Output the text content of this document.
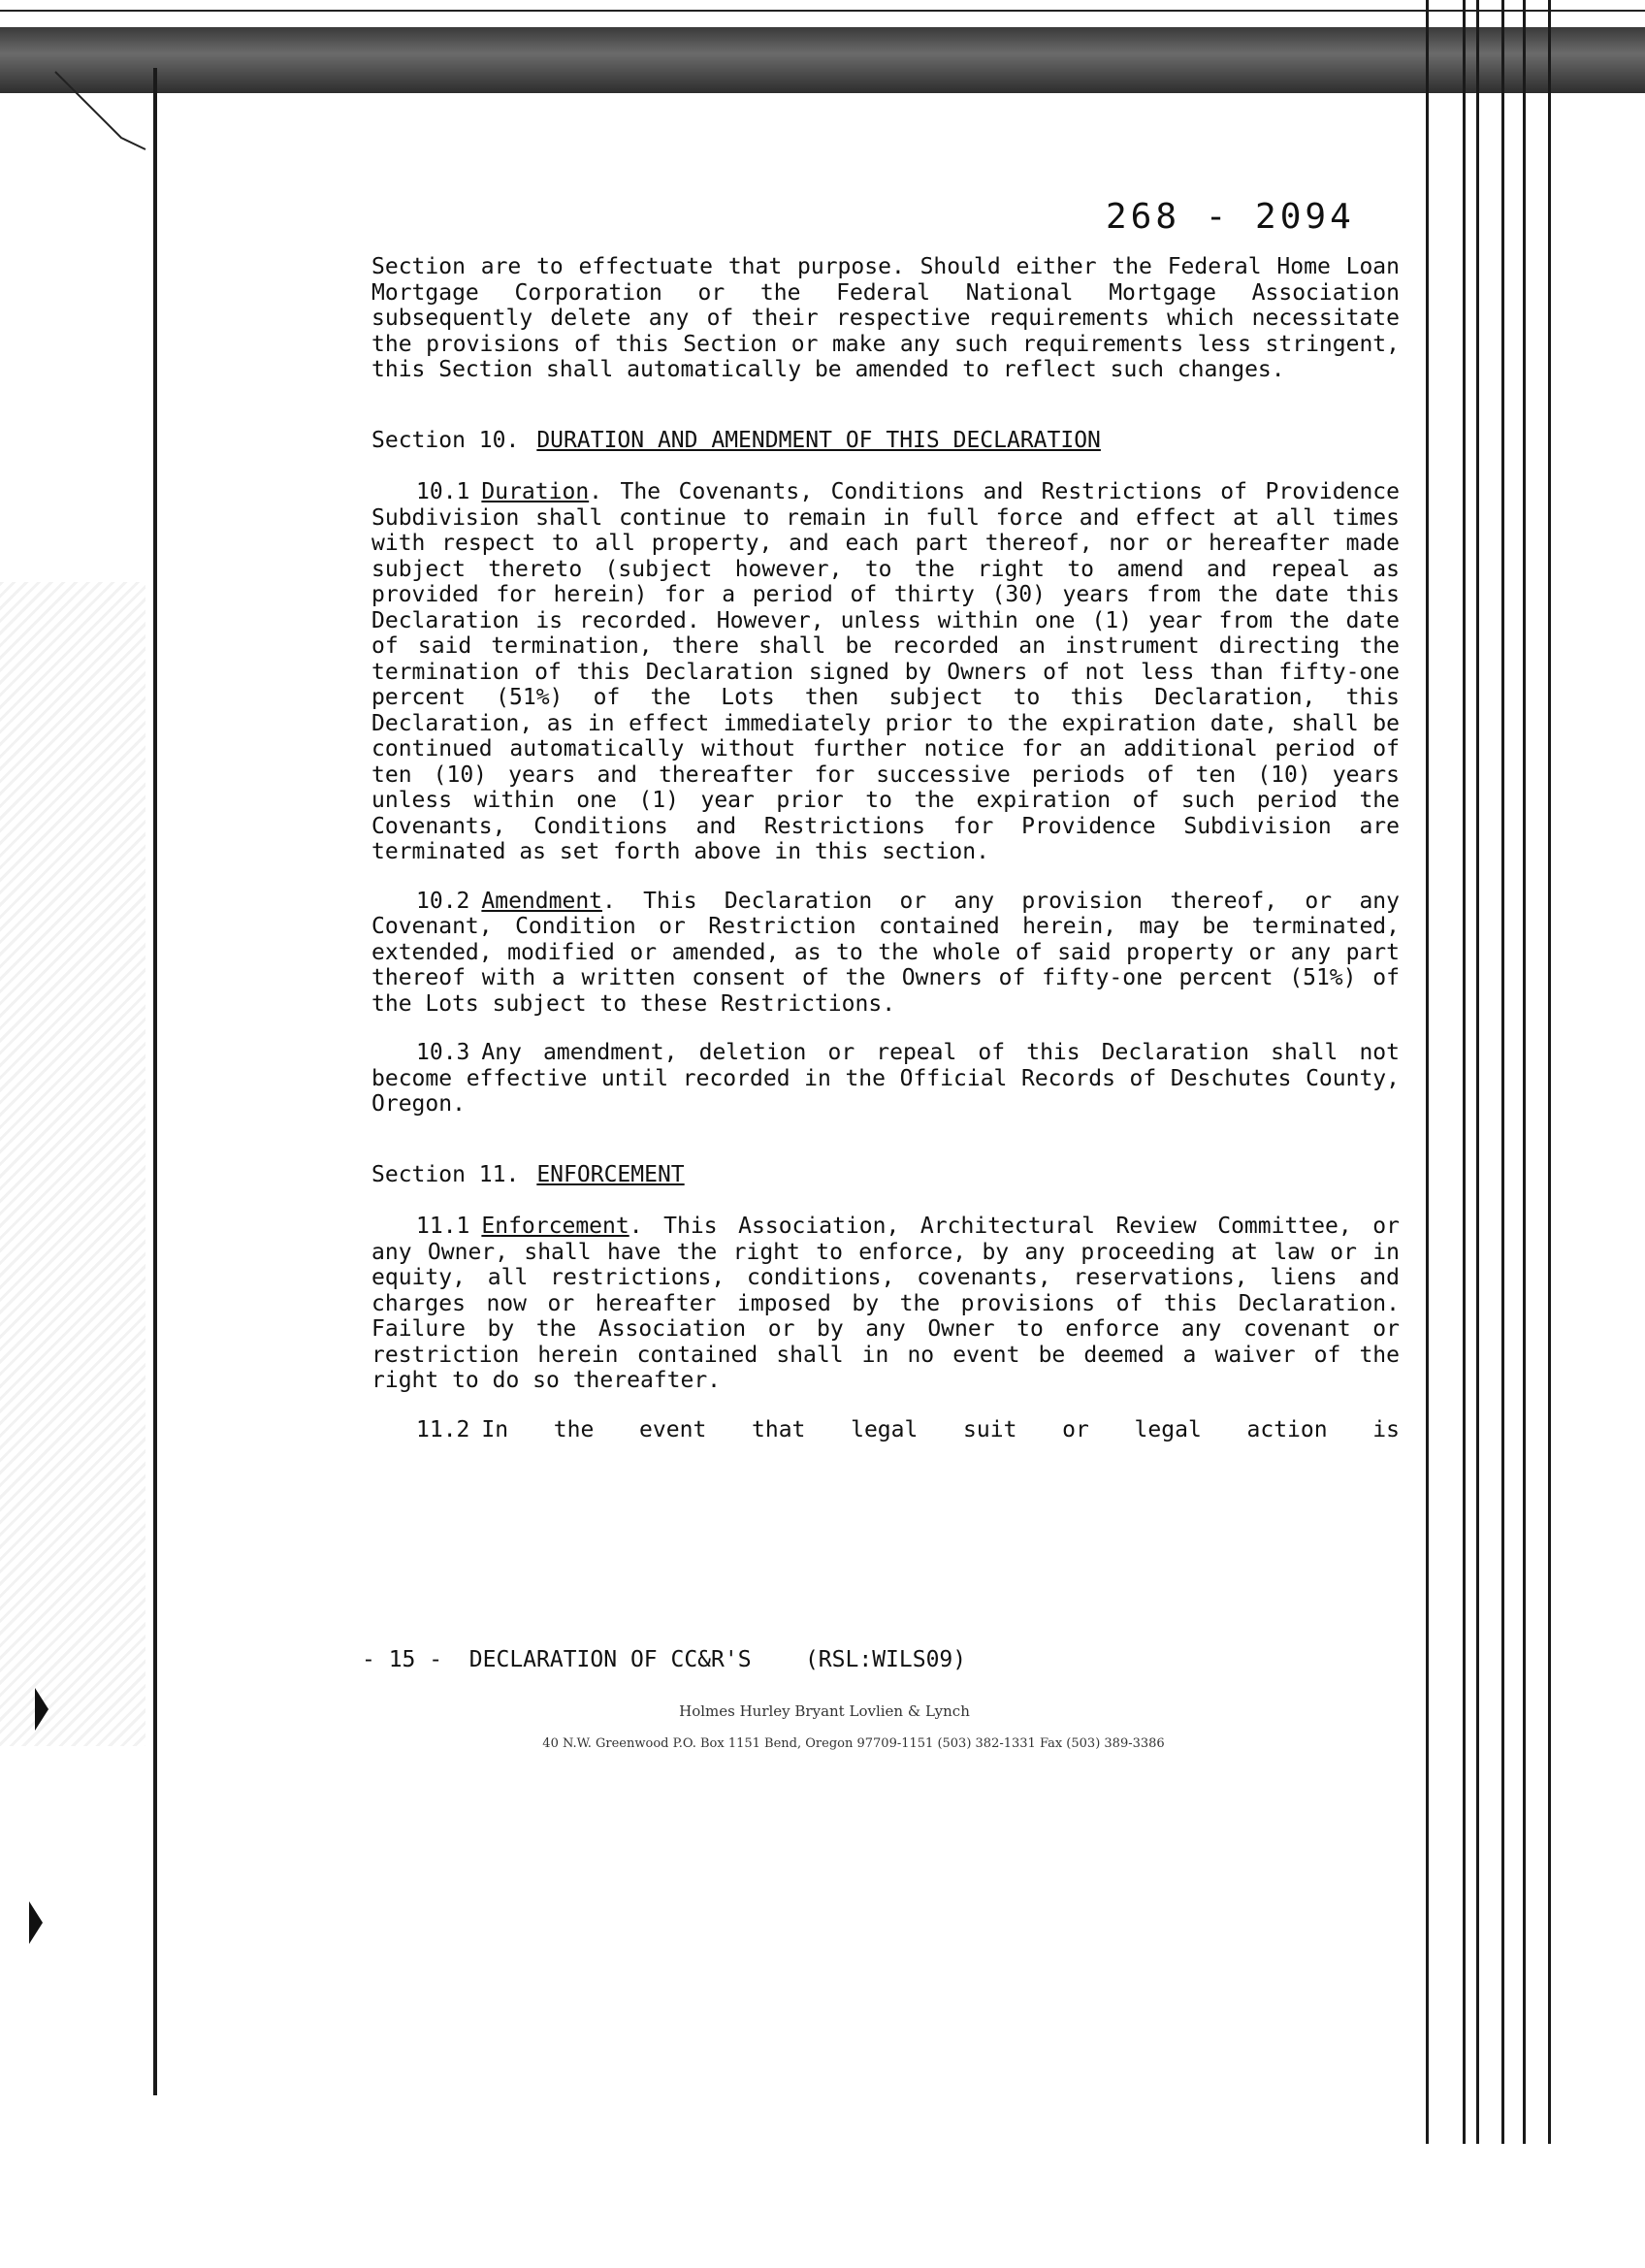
268 - 2094

Section are to effectuate that purpose. Should either the Federal Home Loan Mortgage Corporation or the Federal National Mortgage Association subsequently delete any of their respective requirements which necessitate the provisions of this Section or make any such requirements less stringent, this Section shall automatically be amended to reflect such changes.

Section 10. DURATION AND AMENDMENT OF THIS DECLARATION

10.1 Duration. The Covenants, Conditions and Restrictions of Providence Subdivision shall continue to remain in full force and effect at all times with respect to all property, and each part thereof, nor or hereafter made subject thereto (subject however, to the right to amend and repeal as provided for herein) for a period of thirty (30) years from the date this Declaration is recorded. However, unless within one (1) year from the date of said termination, there shall be recorded an instrument directing the termination of this Declaration signed by Owners of not less than fifty-one percent (51%) of the Lots then subject to this Declaration, this Declaration, as in effect immediately prior to the expiration date, shall be continued automatically without further notice for an additional period of ten (10) years and thereafter for successive periods of ten (10) years unless within one (1) year prior to the expiration of such period the Covenants, Conditions and Restrictions for Providence Subdivision are terminated as set forth above in this section.

10.2 Amendment. This Declaration or any provision thereof, or any Covenant, Condition or Restriction contained herein, may be terminated, extended, modified or amended, as to the whole of said property or any part thereof with a written consent of the Owners of fifty-one percent (51%) of the Lots subject to these Restrictions.

10.3 Any amendment, deletion or repeal of this Declaration shall not become effective until recorded in the Official Records of Deschutes County, Oregon.

Section 11. ENFORCEMENT

11.1 Enforcement. This Association, Architectural Review Committee, or any Owner, shall have the right to enforce, by any proceeding at law or in equity, all restrictions, conditions, covenants, reservations, liens and charges now or hereafter imposed by the provisions of this Declaration. Failure by the Association or by any Owner to enforce any covenant or restriction herein contained shall in no event be deemed a waiver of the right to do so thereafter.

11.2 In the event that legal suit or legal action is

- 15 -  DECLARATION OF CC&R'S    (RSL:WILS09)
Holmes Hurley Bryant Lovlien & Lynch
40 N.W. Greenwood P.O. Box 1151 Bend, Oregon 97709-1151 (503) 382-1331 Fax (503) 389-3386
